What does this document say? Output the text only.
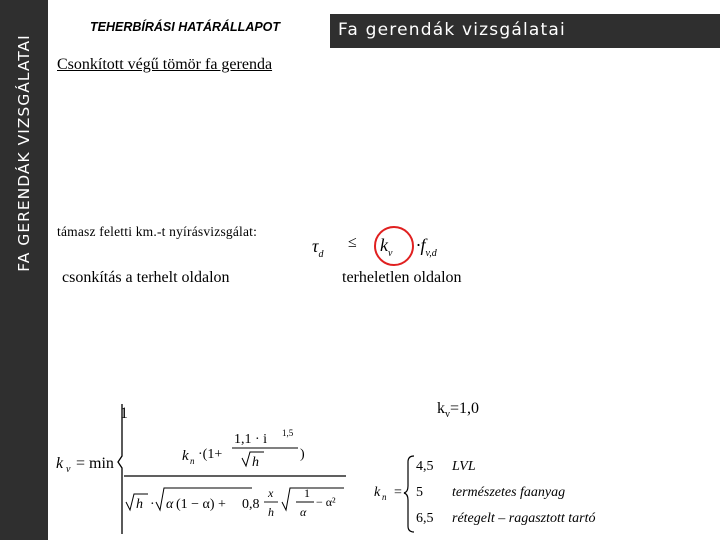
FA GERENDÁK VIZSGÁLATAI
TEHERBÍRÁSI HATÁRÁLLAPOT	Fa gerendák vizsgálatai
Csonkított végű tömör fa gerenda
támasz feletti km.-t nyírásvizsgálat:
$\tau_d$
≤ $k_v \cdot f_{v,d}$
csonkítás a terhelt oldalon	terheletlen oldalon
$k_v=1,0$
k v = min
1
k n ·(1+
1,1 · i 1,5
h
)
h · α (1 − α) + 0,8
x
h
1
α
− α²
k n =
4,5 LVL
5 természetes faanyag
6,5 rétegelt – ragasztott tartó
